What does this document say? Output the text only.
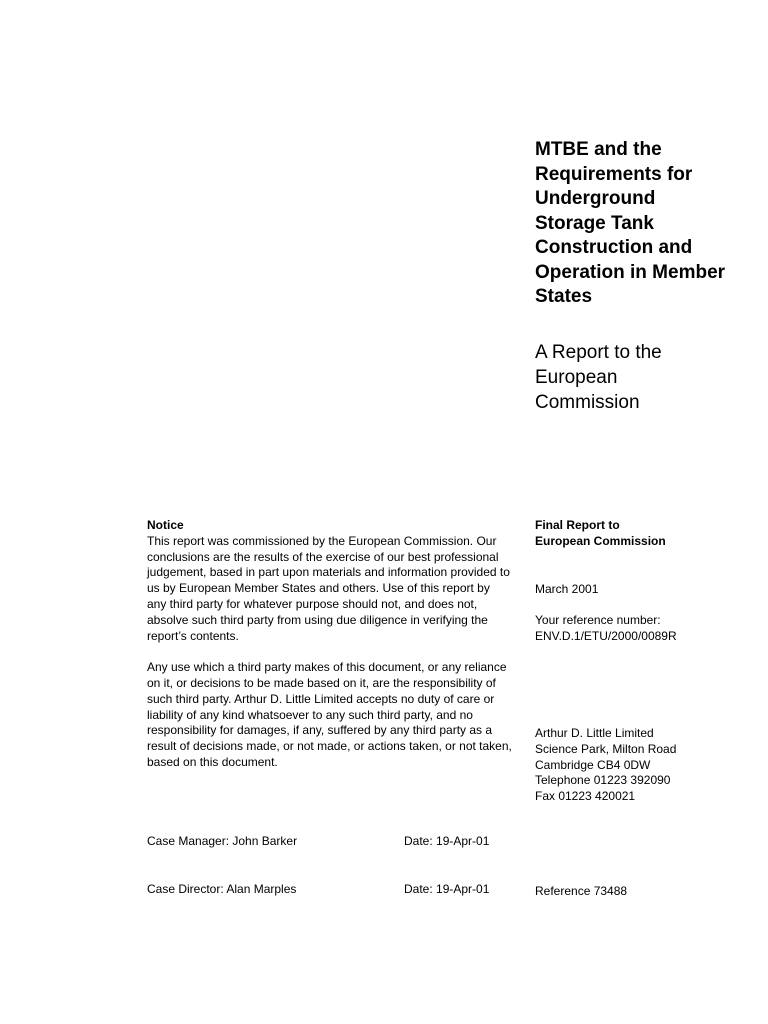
MTBE and the
Requirements for
Underground
Storage Tank
Construction and
Operation in Member
States
A Report to the
European
Commission
Notice

This report was commissioned by the European Commission. Our conclusions are the results of the exercise of our best professional judgement, based in part upon materials and information provided to us by European Member States and others. Use of this report by any third party for whatever purpose should not, and does not, absolve such third party from using due diligence in verifying the report’s contents.

Any use which a third party makes of this document, or any reliance on it, or decisions to be made based on it, are the responsibility of such third party. Arthur D. Little Limited accepts no duty of care or liability of any kind whatsoever to any such third party, and no responsibility for damages, if any, suffered by any third party as a result of decisions made, or not made, or actions taken, or not taken, based on this document.

Case Manager: John Barker	Date: 19-Apr-01
Case Director: Alan Marples	Date: 19-Apr-01
Final Report to
European Commission
March 2001
Your reference number:
ENV.D.1/ETU/2000/0089R
Arthur D. Little Limited
Science Park, Milton Road
Cambridge CB4 0DW
Telephone 01223 392090
Fax 01223 420021
Reference 73488
